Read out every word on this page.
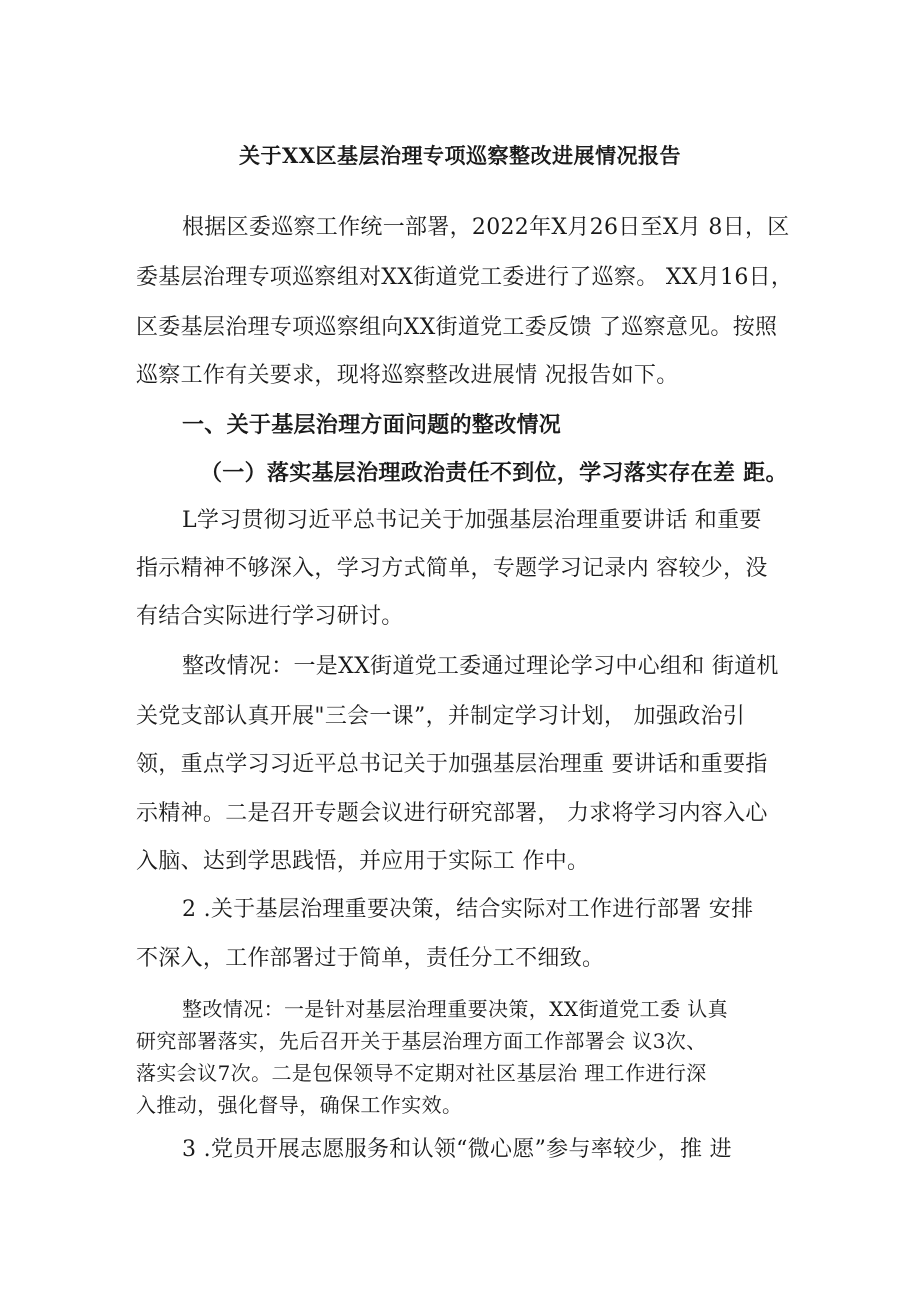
关于XX区基层治理专项巡察整改进展情况报告
根据区委巡察工作统一部署，2022年X月26日至X月 8日，区
委基层治理专项巡察组对XX街道党工委进行了巡察。 XX月16日，
区委基层治理专项巡察组向XX街道党工委反馈 了巡察意见。按照
巡察工作有关要求，现将巡察整改进展情 况报告如下。
一、关于基层治理方面问题的整改情况
（一）落实基层治理政治责任不到位，学习落实存在差 距。
L学习贯彻习近平总书记关于加强基层治理重要讲话 和重要
指示精神不够深入，学习方式简单，专题学习记录内 容较少，没
有结合实际进行学习研讨。
整改情况：一是XX街道党工委通过理论学习中心组和 街道机
关党支部认真开展"三会一课”，并制定学习计划， 加强政治引
领，重点学习习近平总书记关于加强基层治理重 要讲话和重要指
示精神。二是召开专题会议进行研究部署， 力求将学习内容入心
入脑、达到学思践悟，并应用于实际工 作中。
2 .关于基层治理重要决策，结合实际对工作进行部署 安排
不深入，工作部署过于简单，责任分工不细致。
整改情况：一是针对基层治理重要决策，XX街道党工委 认真
研究部署落实，先后召开关于基层治理方面工作部署会 议3次、
落实会议7次。二是包保领导不定期对社区基层治 理工作进行深
入推动，强化督导，确保工作实效。
3 .党员开展志愿服务和认领“微心愿”参与率较少，推 进
